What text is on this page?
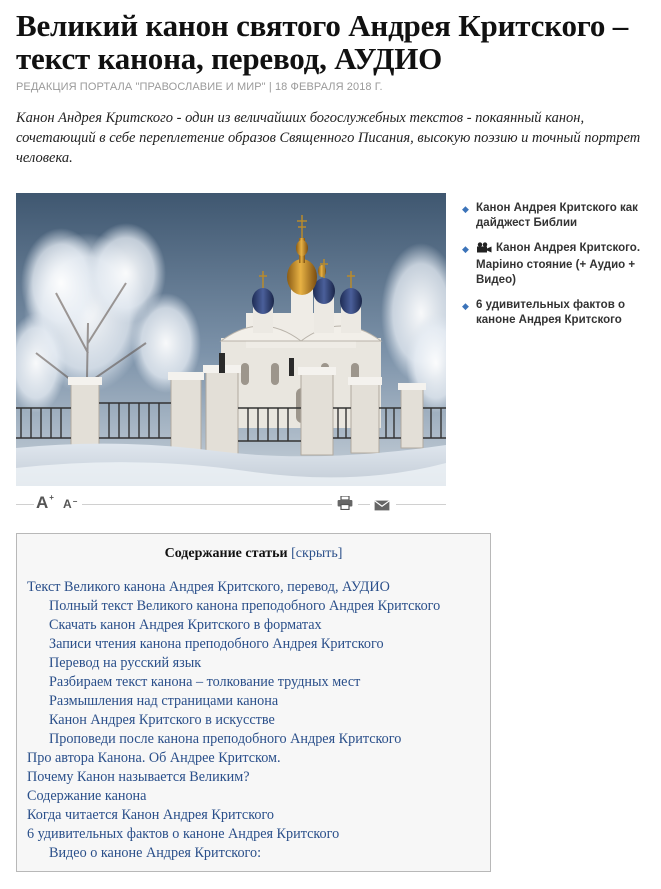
Великий канон святого Андрея Критского – текст канона, перевод, АУДИО
РЕДАКЦИЯ ПОРТАЛА "ПРАВОСЛАВИЕ И МИР" | 18 ФЕВРАЛЯ 2018 Г.

Канон Андрея Критского - один из величайших богослужебных текстов - покаянный канон, сочетающий в себе переплетение образов Священного Писания, высокую поэзию и точный портрет человека.

A+ A−
◆ Канон Андрея Критского как дайджест Библии
◆ Канон Андрея Критского. Марiино стояние (+ Аудио + Видео)
◆ 6 удивительных фактов о каноне Андрея Критского
Содержание статьи [скрыть]
Текст Великого канона Андрея Критского, перевод, АУДИО
Полный текст Великого канона преподобного Андрея Критского
Скачать канон Андрея Критского в форматах
Записи чтения канона преподобного Андрея Критского
Перевод на русский язык
Разбираем текст канона – толкование трудных мест
Размышления над страницами канона
Канон Андрея Критского в искусстве
Проповеди после канона преподобного Андрея Критского
Про автора Канона. Об Андрее Критском.
Почему Канон называется Великим?
Содержание канона
Когда читается Канон Андрея Критского
6 удивительных фактов о каноне Андрея Критского
Видео о каноне Андрея Критского:
